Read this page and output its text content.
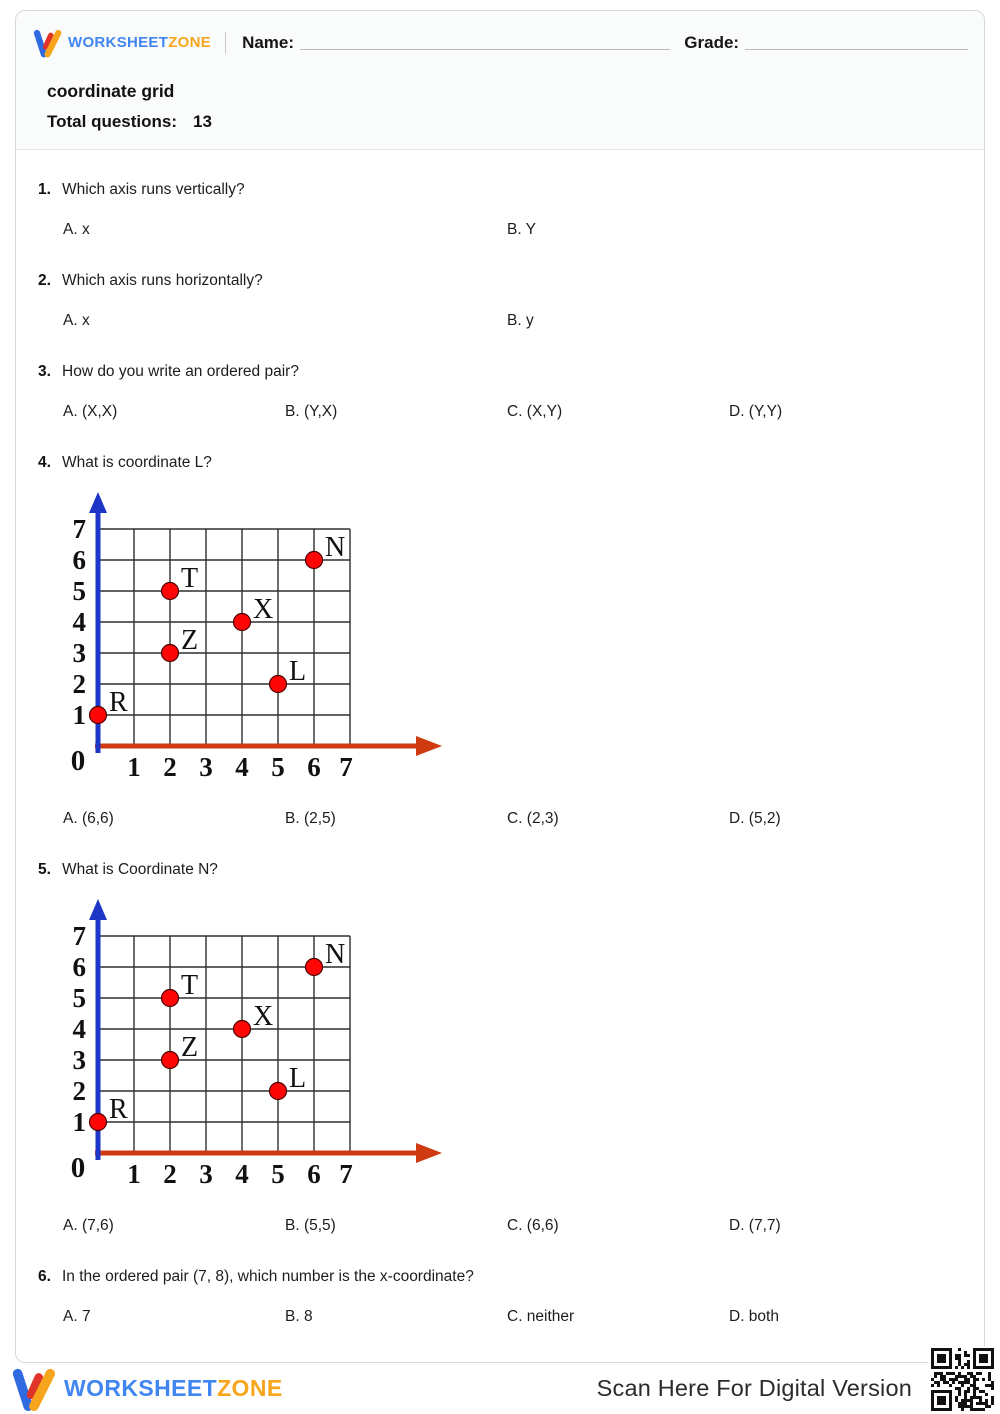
WORKSHEETZONE Name:	Grade:
coordinate grid
Total questions: 13
1. Which axis runs vertically?
A. x	B. Y
2. Which axis runs horizontally?
A. x	B. y
3. How do you write an ordered pair?
A. (X,X)	B. (Y,X)	C. (X,Y)	D. (Y,Y)
4. What is coordinate L?
7
6
5
4
3
2
1
0 1 2 3 4 5 6 7
R
T
Z
X
L
N
A. (6,6)	B. (2,5)	C. (2,3)	D. (5,2)
5. What is Coordinate N?
7
6
5
4
3
2
1
0 1 2 3 4 5 6 7
R
T
Z
X
L
N
A. (7,6)	B. (5,5)	C. (6,6)	D. (7,7)
6. In the ordered pair (7, 8), which number is the x-coordinate?
A. 7	B. 8	C. neither	D. both
WORKSHEETZONE	Scan Here For Digital Version
